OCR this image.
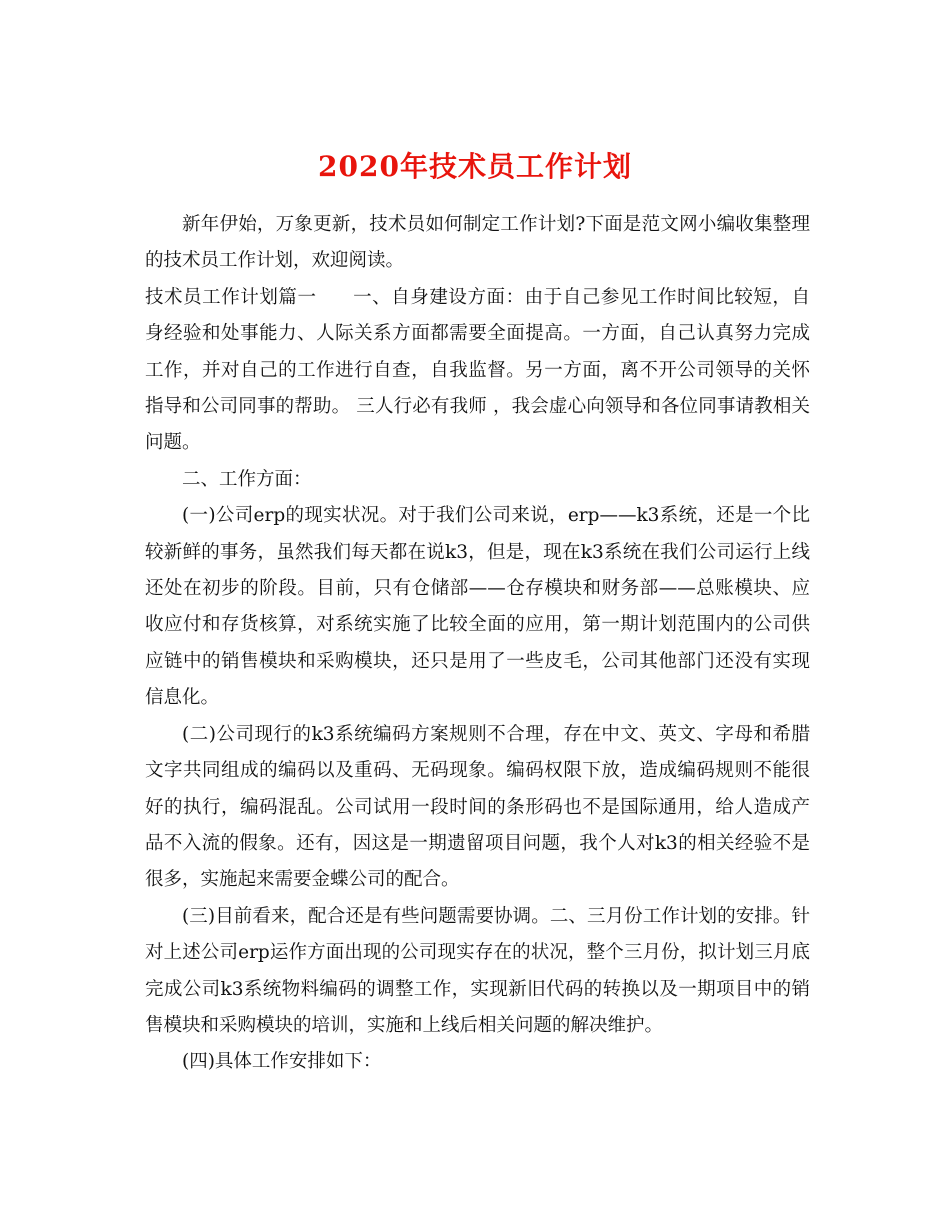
2020年技术员工作计划

新年伊始，万象更新，技术员如何制定工作计划?下面是范文网小编收集整理的技术员工作计划，欢迎阅读。

技术员工作计划篇一 一、自身建设方面：由于自己参见工作时间比较短，自身经验和处事能力、人际关系方面都需要全面提高。一方面，自己认真努力完成工作，并对自己的工作进行自查，自我监督。另一方面，离不开公司领导的关怀指导和公司同事的帮助。 三人行必有我师 ，我会虚心向领导和各位同事请教相关问题。

二、工作方面：

(一)公司erp的现实状况。对于我们公司来说，erp——k3系统，还是一个比较新鲜的事务，虽然我们每天都在说k3，但是，现在k3系统在我们公司运行上线还处在初步的阶段。目前，只有仓储部——仓存模块和财务部——总账模块、应收应付和存货核算，对系统实施了比较全面的应用，第一期计划范围内的公司供应链中的销售模块和采购模块，还只是用了一些皮毛，公司其他部门还没有实现信息化。

(二)公司现行的k3系统编码方案规则不合理，存在中文、英文、字母和希腊文字共同组成的编码以及重码、无码现象。编码权限下放，造成编码规则不能很好的执行，编码混乱。公司试用一段时间的条形码也不是国际通用，给人造成产品不入流的假象。还有，因这是一期遗留项目问题，我个人对k3的相关经验不是很多，实施起来需要金蝶公司的配合。

(三)目前看来，配合还是有些问题需要协调。二、三月份工作计划的安排。针对上述公司erp运作方面出现的公司现实存在的状况，整个三月份，拟计划三月底完成公司k3系统物料编码的调整工作，实现新旧代码的转换以及一期项目中的销售模块和采购模块的培训，实施和上线后相关问题的解决维护。

(四)具体工作安排如下：
